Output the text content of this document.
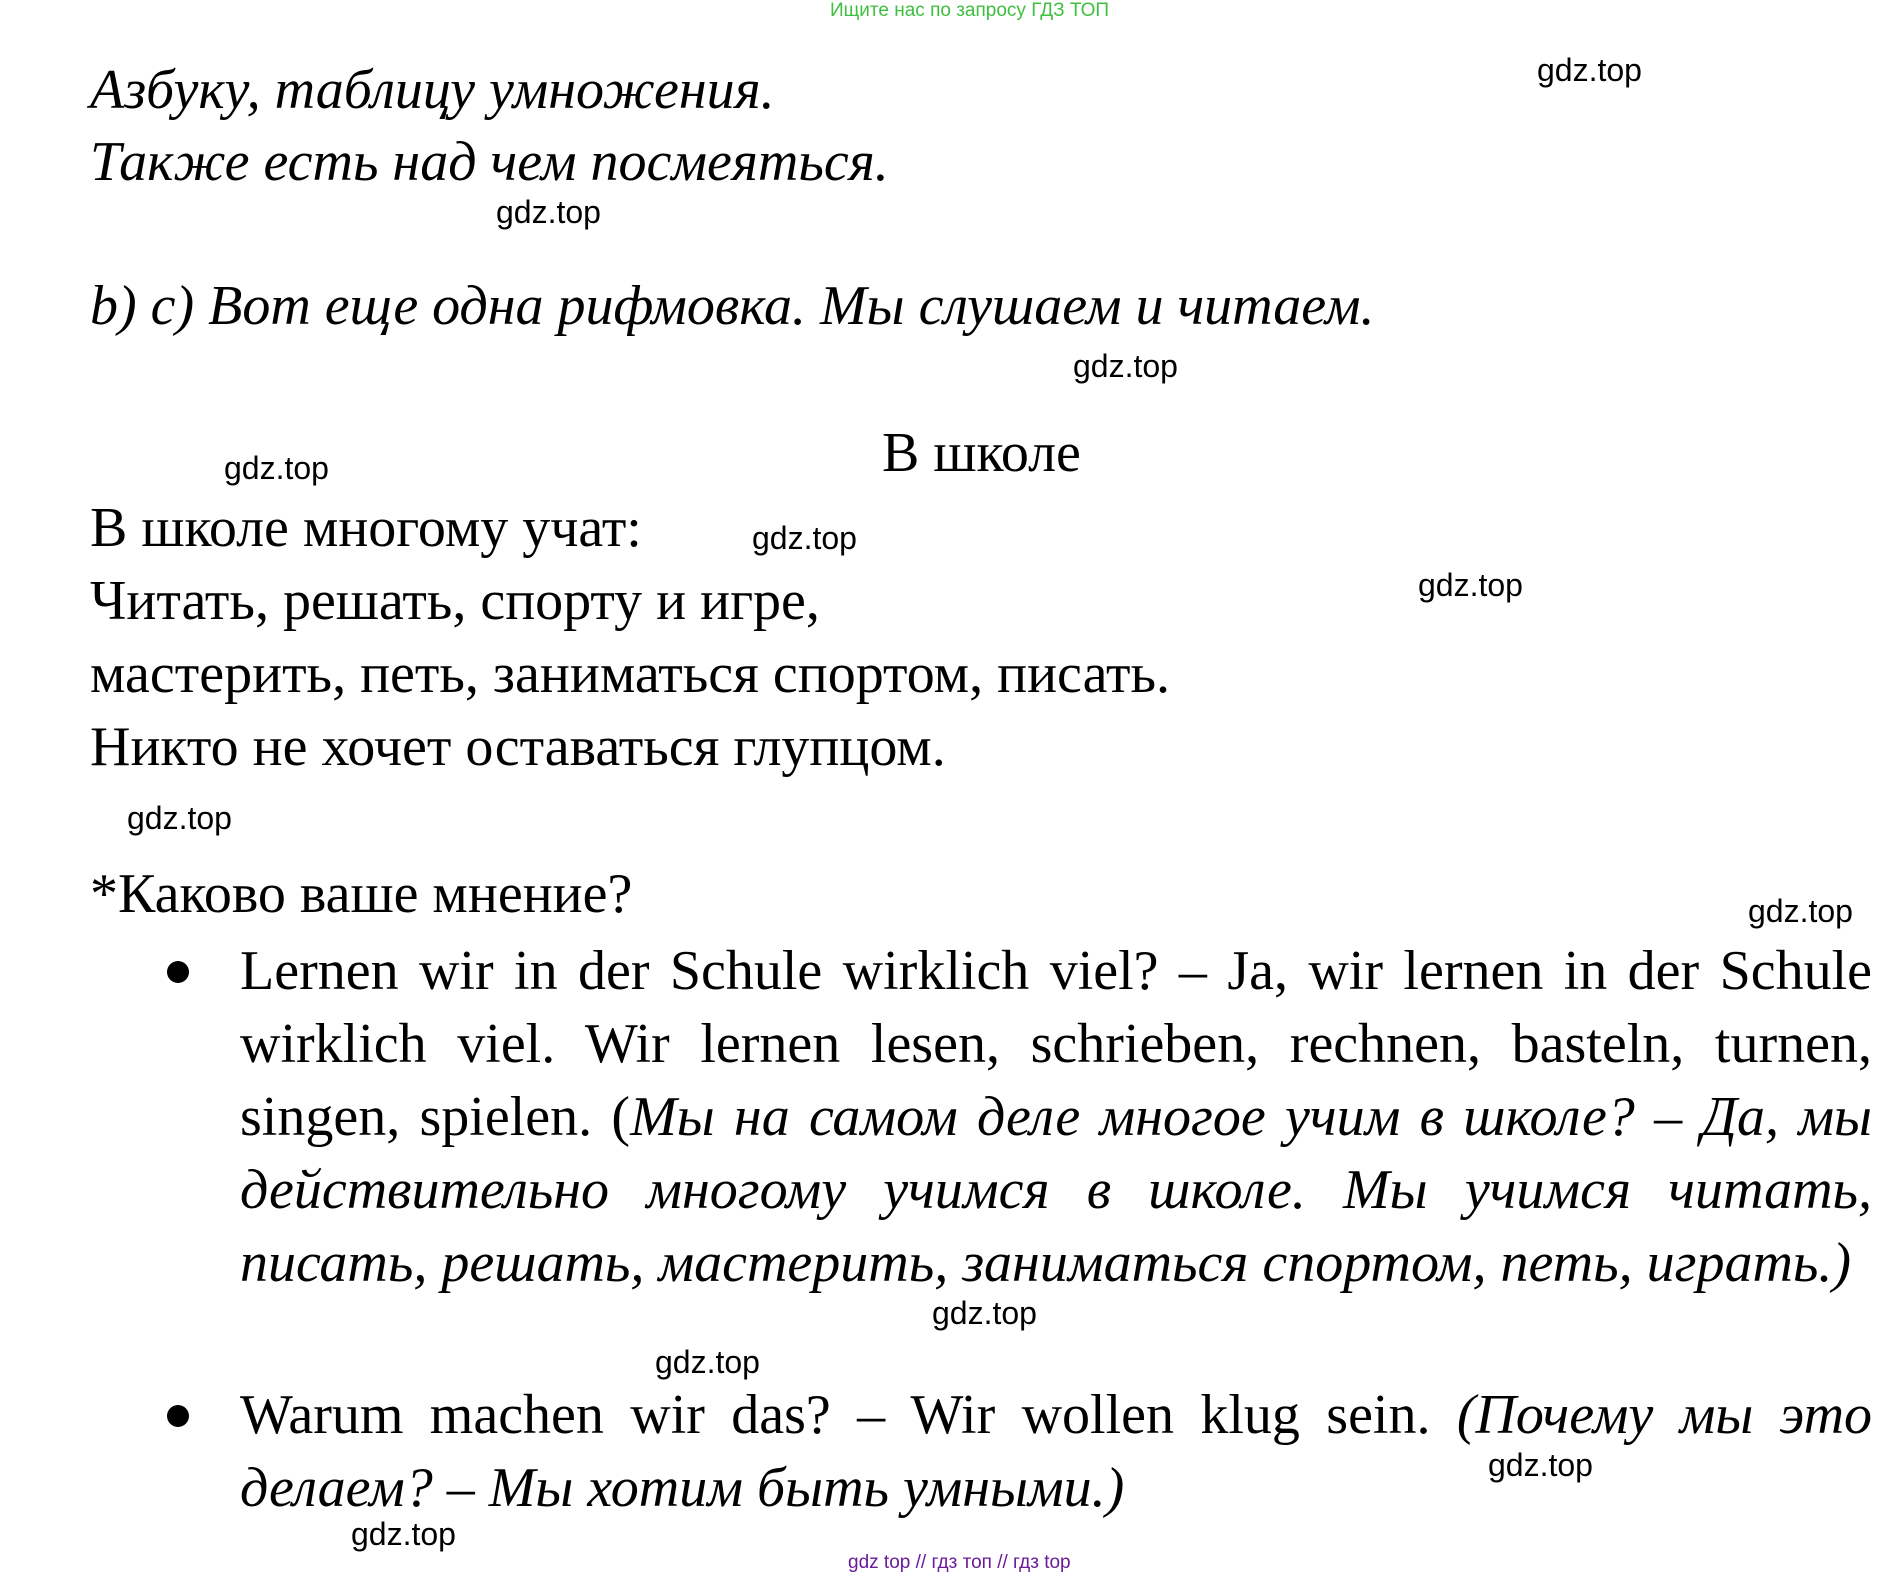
Ищите нас по запросу ГДЗ ТОП
gdz.top
gdz.top
gdz.top
gdz.top
gdz.top
gdz.top
gdz.top
gdz.top
gdz.top
gdz.top
gdz.top
gdz.top
Азбуку, таблицу умножения.
Также есть над чем посмеяться.
b) c) Вот еще одна рифмовка. Мы слушаем и читаем.
В школе
В школе многому учат:
Читать, решать, спорту и игре,
мастерить, петь, заниматься спортом, писать.
Никто не хочет оставаться глупцом.
*Каково ваше мнение?
Lernen wir in der Schule wirklich viel? – Ja, wir lernen in der Schule wirklich viel. Wir lernen lesen, schrieben, rechnen, basteln, turnen, singen, spielen. (Мы на самом деле многое учим в школе? – Да, мы действительно многому учимся в школе. Мы учимся читать, писать, решать, мастерить, заниматься спортом, петь, играть.)
Warum machen wir das? – Wir wollen klug sein. (Почему мы это делаем? – Мы хотим быть умными.)
gdz top // гдз топ // гдз top
